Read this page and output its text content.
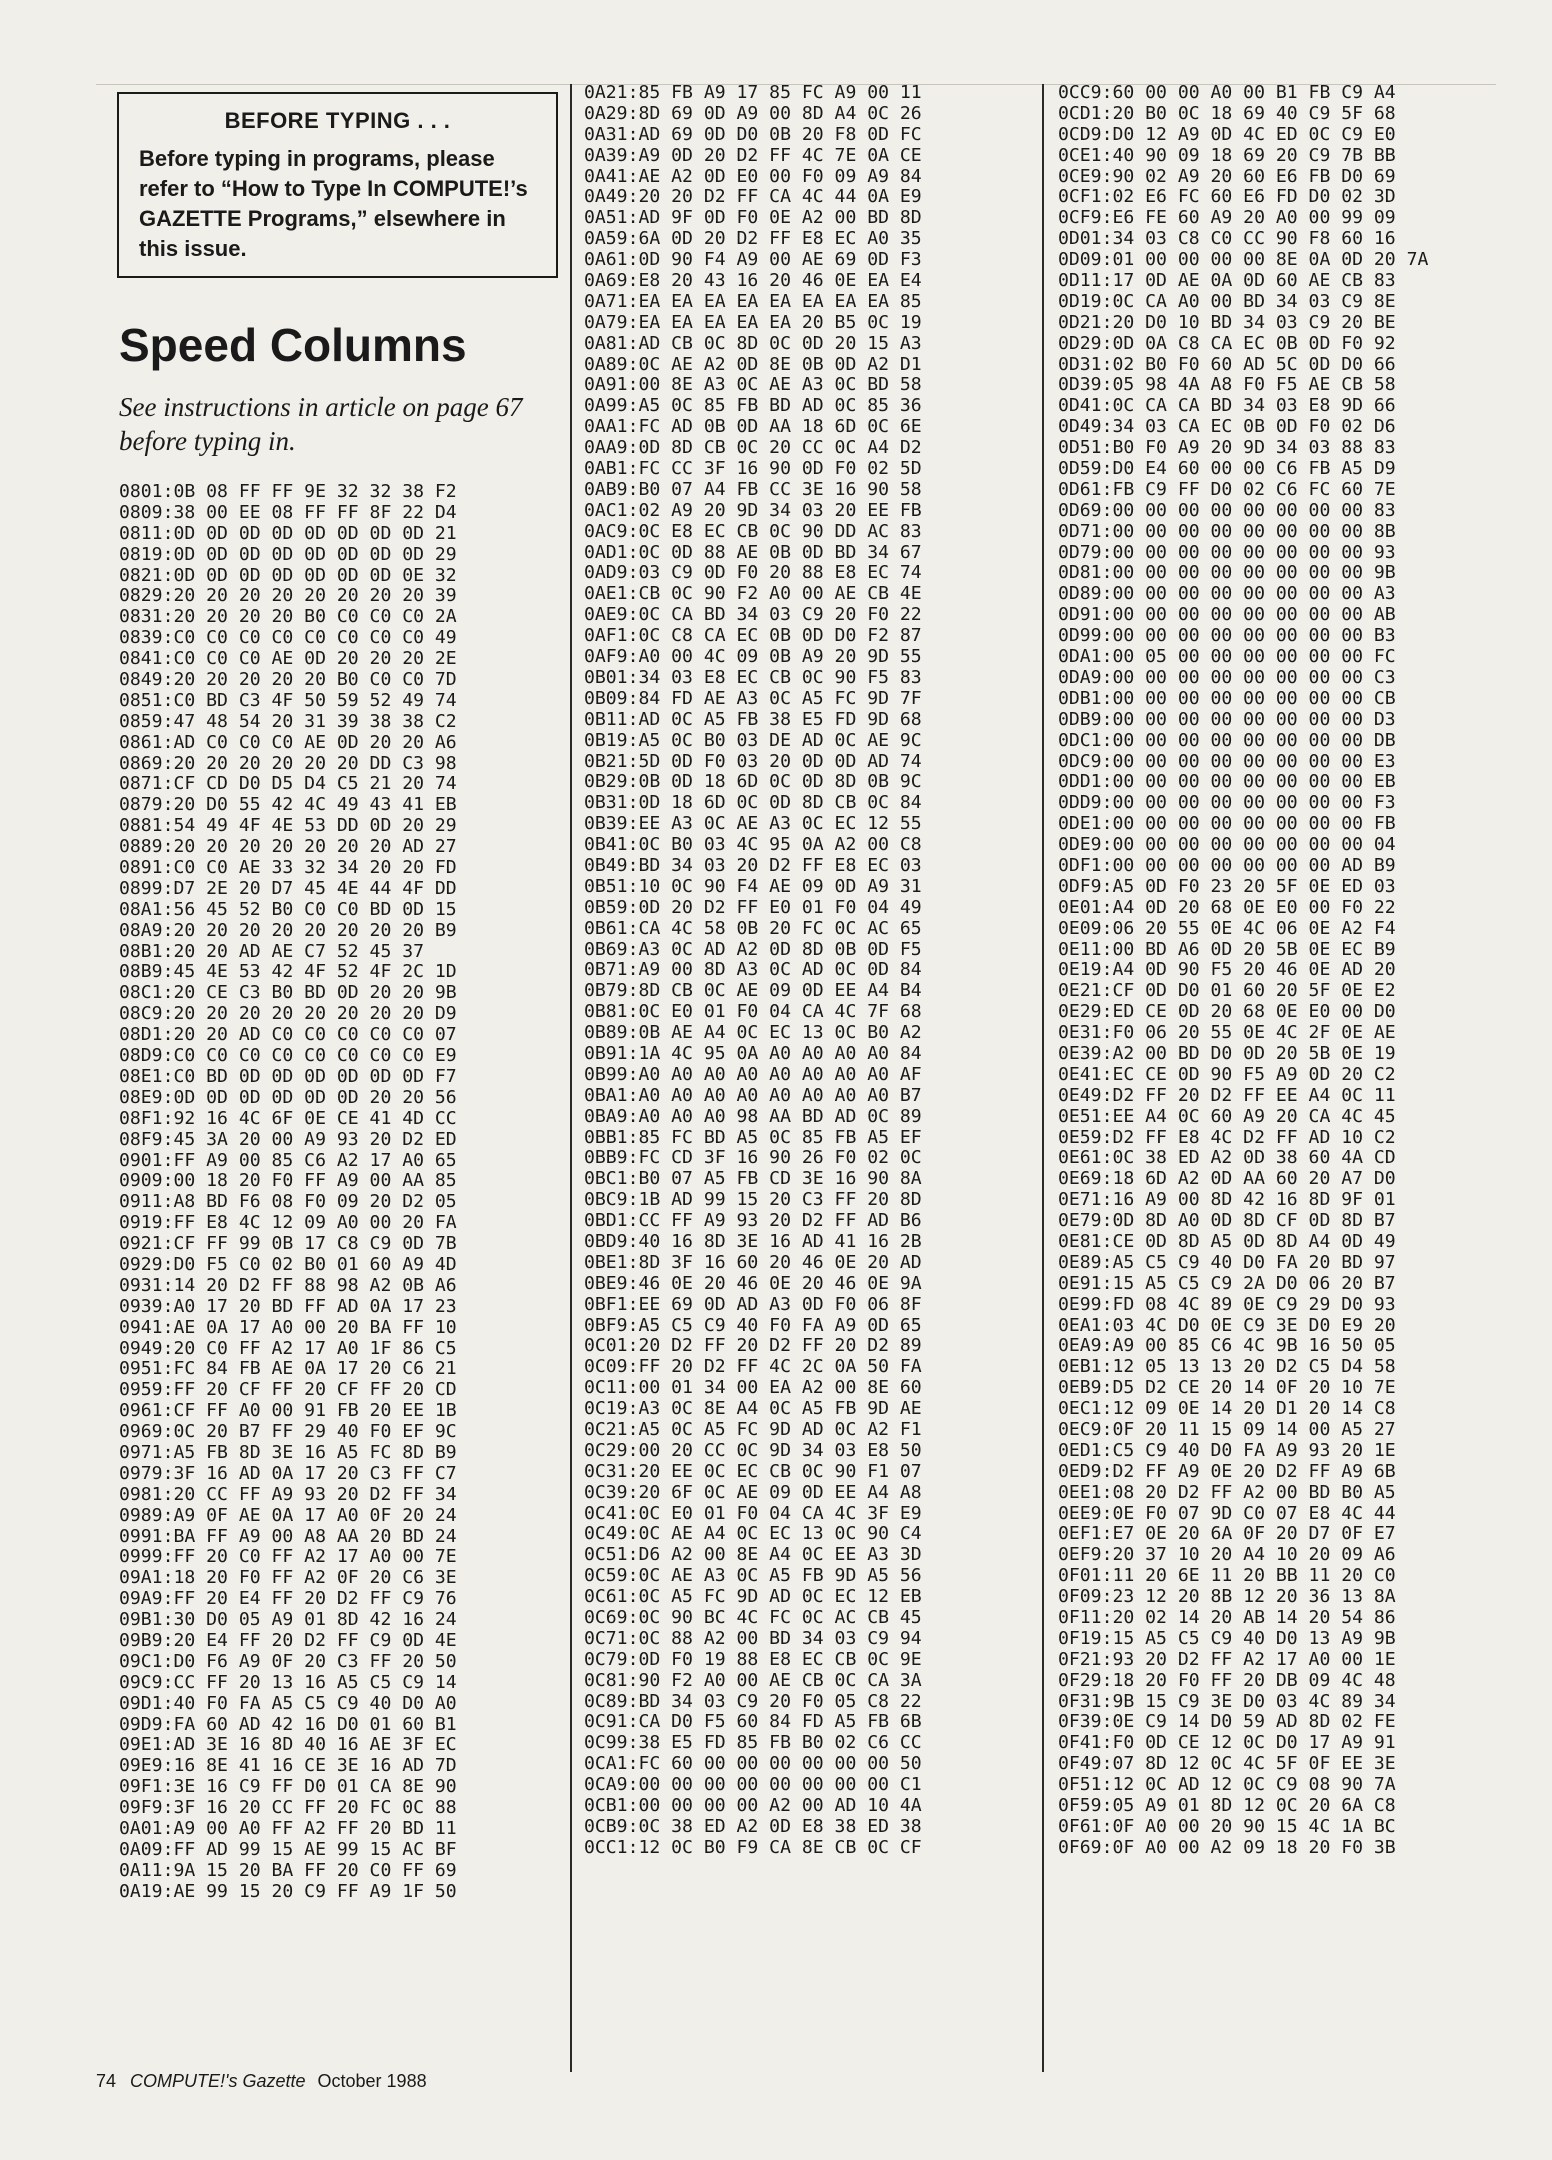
BEFORE TYPING . . .
Before typing in programs, please refer to “How to Type In COMPUTE!’s GAZETTE Programs,” elsewhere in this issue.
Speed Columns
See instructions in article on page 67 before typing in.
0801:0B 08 FF FF 9E 32 32 38 F2
0809:38 00 EE 08 FF FF 8F 22 D4
0811:0D 0D 0D 0D 0D 0D 0D 0D 21
0819:0D 0D 0D 0D 0D 0D 0D 0D 29
0821:0D 0D 0D 0D 0D 0D 0D 0E 32
0829:20 20 20 20 20 20 20 20 39
0831:20 20 20 20 B0 C0 C0 C0 2A
0839:C0 C0 C0 C0 C0 C0 C0 C0 49
0841:C0 C0 C0 AE 0D 20 20 20 2E
0849:20 20 20 20 20 B0 C0 C0 7D
0851:C0 BD C3 4F 50 59 52 49 74
0859:47 48 54 20 31 39 38 38 C2
0861:AD C0 C0 C0 AE 0D 20 20 A6
0869:20 20 20 20 20 20 DD C3 98
0871:CF CD D0 D5 D4 C5 21 20 74
0879:20 D0 55 42 4C 49 43 41 EB
0881:54 49 4F 4E 53 DD 0D 20 29
0889:20 20 20 20 20 20 20 AD 27
0891:C0 C0 AE 33 32 34 20 20 FD
0899:D7 2E 20 D7 45 4E 44 4F DD
08A1:56 45 52 B0 C0 C0 BD 0D 15
08A9:20 20 20 20 20 20 20 20 B9
08B1:20 20 AD AE C7 52 45 37
08B9:45 4E 53 42 4F 52 4F 2C 1D
08C1:20 CE C3 B0 BD 0D 20 20 9B
08C9:20 20 20 20 20 20 20 20 D9
08D1:20 20 AD C0 C0 C0 C0 C0 07
08D9:C0 C0 C0 C0 C0 C0 C0 C0 E9
08E1:C0 BD 0D 0D 0D 0D 0D 0D F7
08E9:0D 0D 0D 0D 0D 0D 20 20 56
08F1:92 16 4C 6F 0E CE 41 4D CC
08F9:45 3A 20 00 A9 93 20 D2 ED
0901:FF A9 00 85 C6 A2 17 A0 65
0909:00 18 20 F0 FF A9 00 AA 85
0911:A8 BD F6 08 F0 09 20 D2 05
0919:FF E8 4C 12 09 A0 00 20 FA
0921:CF FF 99 0B 17 C8 C9 0D 7B
0929:D0 F5 C0 02 B0 01 60 A9 4D
0931:14 20 D2 FF 88 98 A2 0B A6
0939:A0 17 20 BD FF AD 0A 17 23
0941:AE 0A 17 A0 00 20 BA FF 10
0949:20 C0 FF A2 17 A0 1F 86 C5
0951:FC 84 FB AE 0A 17 20 C6 21
0959:FF 20 CF FF 20 CF FF 20 CD
0961:CF FF A0 00 91 FB 20 EE 1B
0969:0C 20 B7 FF 29 40 F0 EF 9C
0971:A5 FB 8D 3E 16 A5 FC 8D B9
0979:3F 16 AD 0A 17 20 C3 FF C7
0981:20 CC FF A9 93 20 D2 FF 34
0989:A9 0F AE 0A 17 A0 0F 20 24
0991:BA FF A9 00 A8 AA 20 BD 24
0999:FF 20 C0 FF A2 17 A0 00 7E
09A1:18 20 F0 FF A2 0F 20 C6 3E
09A9:FF 20 E4 FF 20 D2 FF C9 76
09B1:30 D0 05 A9 01 8D 42 16 24
09B9:20 E4 FF 20 D2 FF C9 0D 4E
09C1:D0 F6 A9 0F 20 C3 FF 20 50
09C9:CC FF 20 13 16 A5 C5 C9 14
09D1:40 F0 FA A5 C5 C9 40 D0 A0
09D9:FA 60 AD 42 16 D0 01 60 B1
09E1:AD 3E 16 8D 40 16 AE 3F EC
09E9:16 8E 41 16 CE 3E 16 AD 7D
09F1:3E 16 C9 FF D0 01 CA 8E 90
09F9:3F 16 20 CC FF 20 FC 0C 88
0A01:A9 00 A0 FF A2 FF 20 BD 11
0A09:FF AD 99 15 AE 99 15 AC BF
0A11:9A 15 20 BA FF 20 C0 FF 69
0A19:AE 99 15 20 C9 FF A9 1F 50
0A21:85 FB A9 17 85 FC A9 00 11
0A29:8D 69 0D A9 00 8D A4 0C 26
0A31:AD 69 0D D0 0B 20 F8 0D FC
0A39:A9 0D 20 D2 FF 4C 7E 0A CE
0A41:AE A2 0D E0 00 F0 09 A9 84
0A49:20 20 D2 FF CA 4C 44 0A E9
0A51:AD 9F 0D F0 0E A2 00 BD 8D
0A59:6A 0D 20 D2 FF E8 EC A0 35
0A61:0D 90 F4 A9 00 AE 69 0D F3
0A69:E8 20 43 16 20 46 0E EA E4
0A71:EA EA EA EA EA EA EA EA 85
0A79:EA EA EA EA EA 20 B5 0C 19
0A81:AD CB 0C 8D 0C 0D 20 15 A3
0A89:0C AE A2 0D 8E 0B 0D A2 D1
0A91:00 8E A3 0C AE A3 0C BD 58
0A99:A5 0C 85 FB BD AD 0C 85 36
0AA1:FC AD 0B 0D AA 18 6D 0C 6E
0AA9:0D 8D CB 0C 20 CC 0C A4 D2
0AB1:FC CC 3F 16 90 0D F0 02 5D
0AB9:B0 07 A4 FB CC 3E 16 90 58
0AC1:02 A9 20 9D 34 03 20 EE FB
0AC9:0C E8 EC CB 0C 90 DD AC 83
0AD1:0C 0D 88 AE 0B 0D BD 34 67
0AD9:03 C9 0D F0 20 88 E8 EC 74
0AE1:CB 0C 90 F2 A0 00 AE CB 4E
0AE9:0C CA BD 34 03 C9 20 F0 22
0AF1:0C C8 CA EC 0B 0D D0 F2 87
0AF9:A0 00 4C 09 0B A9 20 9D 55
0B01:34 03 E8 EC CB 0C 90 F5 83
0B09:84 FD AE A3 0C A5 FC 9D 7F
0B11:AD 0C A5 FB 38 E5 FD 9D 68
0B19:A5 0C B0 03 DE AD 0C AE 9C
0B21:5D 0D F0 03 20 0D 0D AD 74
0B29:0B 0D 18 6D 0C 0D 8D 0B 9C
0B31:0D 18 6D 0C 0D 8D CB 0C 84
0B39:EE A3 0C AE A3 0C EC 12 55
0B41:0C B0 03 4C 95 0A A2 00 C8
0B49:BD 34 03 20 D2 FF E8 EC 03
0B51:10 0C 90 F4 AE 09 0D A9 31
0B59:0D 20 D2 FF E0 01 F0 04 49
0B61:CA 4C 58 0B 20 FC 0C AC 65
0B69:A3 0C AD A2 0D 8D 0B 0D F5
0B71:A9 00 8D A3 0C AD 0C 0D 84
0B79:8D CB 0C AE 09 0D EE A4 B4
0B81:0C E0 01 F0 04 CA 4C 7F 68
0B89:0B AE A4 0C EC 13 0C B0 A2
0B91:1A 4C 95 0A A0 A0 A0 A0 84
0B99:A0 A0 A0 A0 A0 A0 A0 A0 AF
0BA1:A0 A0 A0 A0 A0 A0 A0 A0 B7
0BA9:A0 A0 A0 98 AA BD AD 0C 89
0BB1:85 FC BD A5 0C 85 FB A5 EF
0BB9:FC CD 3F 16 90 26 F0 02 0C
0BC1:B0 07 A5 FB CD 3E 16 90 8A
0BC9:1B AD 99 15 20 C3 FF 20 8D
0BD1:CC FF A9 93 20 D2 FF AD B6
0BD9:40 16 8D 3E 16 AD 41 16 2B
0BE1:8D 3F 16 60 20 46 0E 20 AD
0BE9:46 0E 20 46 0E 20 46 0E 9A
0BF1:EE 69 0D AD A3 0D F0 06 8F
0BF9:A5 C5 C9 40 F0 FA A9 0D 65
0C01:20 D2 FF 20 D2 FF 20 D2 89
0C09:FF 20 D2 FF 4C 2C 0A 50 FA
0C11:00 01 34 00 EA A2 00 8E 60
0C19:A3 0C 8E A4 0C A5 FB 9D AE
0C21:A5 0C A5 FC 9D AD 0C A2 F1
0C29:00 20 CC 0C 9D 34 03 E8 50
0C31:20 EE 0C EC CB 0C 90 F1 07
0C39:20 6F 0C AE 09 0D EE A4 A8
0C41:0C E0 01 F0 04 CA 4C 3F E9
0C49:0C AE A4 0C EC 13 0C 90 C4
0C51:D6 A2 00 8E A4 0C EE A3 3D
0C59:0C AE A3 0C A5 FB 9D A5 56
0C61:0C A5 FC 9D AD 0C EC 12 EB
0C69:0C 90 BC 4C FC 0C AC CB 45
0C71:0C 88 A2 00 BD 34 03 C9 94
0C79:0D F0 19 88 E8 EC CB 0C 9E
0C81:90 F2 A0 00 AE CB 0C CA 3A
0C89:BD 34 03 C9 20 F0 05 C8 22
0C91:CA D0 F5 60 84 FD A5 FB 6B
0C99:38 E5 FD 85 FB B0 02 C6 CC
0CA1:FC 60 00 00 00 00 00 00 50
0CA9:00 00 00 00 00 00 00 00 C1
0CB1:00 00 00 00 A2 00 AD 10 4A
0CB9:0C 38 ED A2 0D E8 38 ED 38
0CC1:12 0C B0 F9 CA 8E CB 0C CF
0CC9:60 00 00 A0 00 B1 FB C9 A4
0CD1:20 B0 0C 18 69 40 C9 5F 68
0CD9:D0 12 A9 0D 4C ED 0C C9 E0
0CE1:40 90 09 18 69 20 C9 7B BB
0CE9:90 02 A9 20 60 E6 FB D0 69
0CF1:02 E6 FC 60 E6 FD D0 02 3D
0CF9:E6 FE 60 A9 20 A0 00 99 09
0D01:34 03 C8 C0 CC 90 F8 60 16
0D09:01 00 00 00 00 8E 0A 0D 20 7A
0D11:17 0D AE 0A 0D 60 AE CB 83
0D19:0C CA A0 00 BD 34 03 C9 8E
0D21:20 D0 10 BD 34 03 C9 20 BE
0D29:0D 0A C8 CA EC 0B 0D F0 92
0D31:02 B0 F0 60 AD 5C 0D D0 66
0D39:05 98 4A A8 F0 F5 AE CB 58
0D41:0C CA CA BD 34 03 E8 9D 66
0D49:34 03 CA EC 0B 0D F0 02 D6
0D51:B0 F0 A9 20 9D 34 03 88 83
0D59:D0 E4 60 00 00 C6 FB A5 D9
0D61:FB C9 FF D0 02 C6 FC 60 7E
0D69:00 00 00 00 00 00 00 00 83
0D71:00 00 00 00 00 00 00 00 8B
0D79:00 00 00 00 00 00 00 00 93
0D81:00 00 00 00 00 00 00 00 9B
0D89:00 00 00 00 00 00 00 00 A3
0D91:00 00 00 00 00 00 00 00 AB
0D99:00 00 00 00 00 00 00 00 B3
0DA1:00 05 00 00 00 00 00 00 FC
0DA9:00 00 00 00 00 00 00 00 C3
0DB1:00 00 00 00 00 00 00 00 CB
0DB9:00 00 00 00 00 00 00 00 D3
0DC1:00 00 00 00 00 00 00 00 DB
0DC9:00 00 00 00 00 00 00 00 E3
0DD1:00 00 00 00 00 00 00 00 EB
0DD9:00 00 00 00 00 00 00 00 F3
0DE1:00 00 00 00 00 00 00 00 FB
0DE9:00 00 00 00 00 00 00 00 04
0DF1:00 00 00 00 00 00 00 AD B9
0DF9:A5 0D F0 23 20 5F 0E ED 03
0E01:A4 0D 20 68 0E E0 00 F0 22
0E09:06 20 55 0E 4C 06 0E A2 F4
0E11:00 BD A6 0D 20 5B 0E EC B9
0E19:A4 0D 90 F5 20 46 0E AD 20
0E21:CF 0D D0 01 60 20 5F 0E E2
0E29:ED CE 0D 20 68 0E E0 00 D0
0E31:F0 06 20 55 0E 4C 2F 0E AE
0E39:A2 00 BD D0 0D 20 5B 0E 19
0E41:EC CE 0D 90 F5 A9 0D 20 C2
0E49:D2 FF 20 D2 FF EE A4 0C 11
0E51:EE A4 0C 60 A9 20 CA 4C 45
0E59:D2 FF E8 4C D2 FF AD 10 C2
0E61:0C 38 ED A2 0D 38 60 4A CD
0E69:18 6D A2 0D AA 60 20 A7 D0
0E71:16 A9 00 8D 42 16 8D 9F 01
0E79:0D 8D A0 0D 8D CF 0D 8D B7
0E81:CE 0D 8D A5 0D 8D A4 0D 49
0E89:A5 C5 C9 40 D0 FA 20 BD 97
0E91:15 A5 C5 C9 2A D0 06 20 B7
0E99:FD 08 4C 89 0E C9 29 D0 93
0EA1:03 4C D0 0E C9 3E D0 E9 20
0EA9:A9 00 85 C6 4C 9B 16 50 05
0EB1:12 05 13 13 20 D2 C5 D4 58
0EB9:D5 D2 CE 20 14 0F 20 10 7E
0EC1:12 09 0E 14 20 D1 20 14 C8
0EC9:0F 20 11 15 09 14 00 A5 27
0ED1:C5 C9 40 D0 FA A9 93 20 1E
0ED9:D2 FF A9 0E 20 D2 FF A9 6B
0EE1:08 20 D2 FF A2 00 BD B0 A5
0EE9:0E F0 07 9D C0 07 E8 4C 44
0EF1:E7 0E 20 6A 0F 20 D7 0F E7
0EF9:20 37 10 20 A4 10 20 09 A6
0F01:11 20 6E 11 20 BB 11 20 C0
0F09:23 12 20 8B 12 20 36 13 8A
0F11:20 02 14 20 AB 14 20 54 86
0F19:15 A5 C5 C9 40 D0 13 A9 9B
0F21:93 20 D2 FF A2 17 A0 00 1E
0F29:18 20 F0 FF 20 DB 09 4C 48
0F31:9B 15 C9 3E D0 03 4C 89 34
0F39:0E C9 14 D0 59 AD 8D 02 FE
0F41:F0 0D CE 12 0C D0 17 A9 91
0F49:07 8D 12 0C 4C 5F 0F EE 3E
0F51:12 0C AD 12 0C C9 08 90 7A
0F59:05 A9 01 8D 12 0C 20 6A C8
0F61:0F A0 00 20 90 15 4C 1A BC
0F69:0F A0 00 A2 09 18 20 F0 3B
74 COMPUTE!'s Gazette October 1988
